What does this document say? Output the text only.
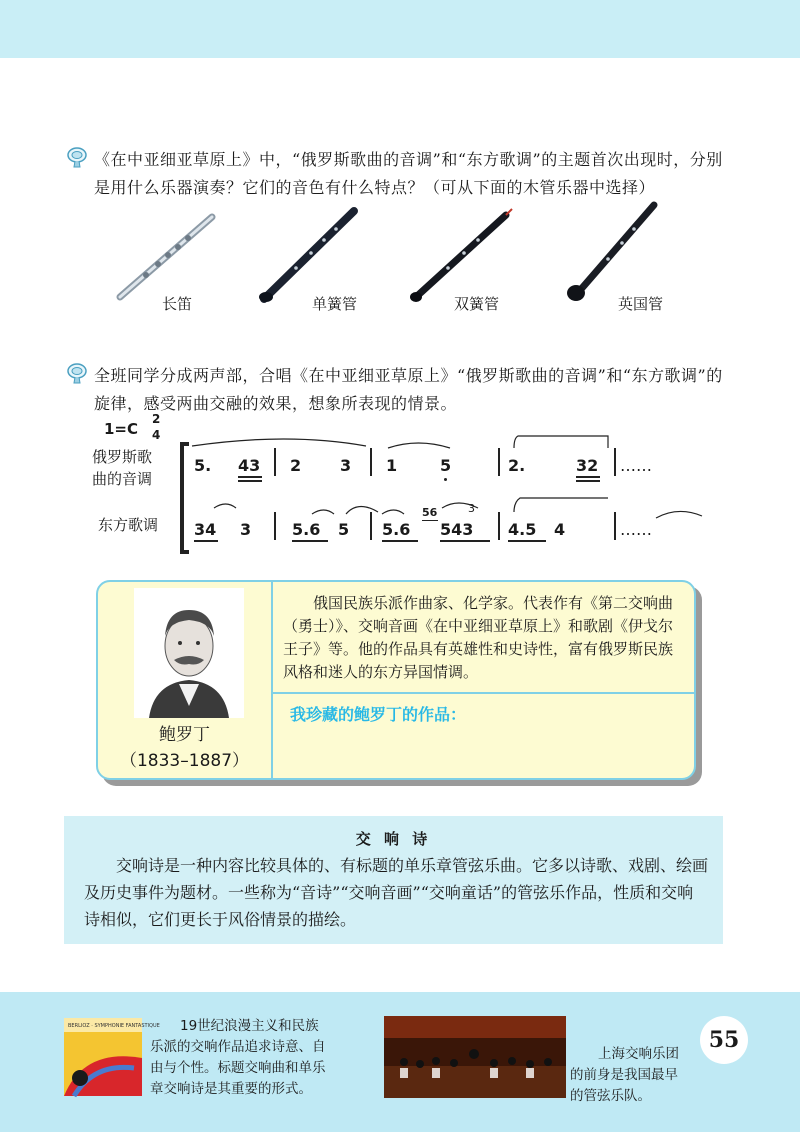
《在中亚细亚草原上》中，“俄罗斯歌曲的音调”和“东方歌调”的主题首次出现时，分别是用什么乐器演奏？它们的音色有什么特点？（可从下面的木管乐器中选择）
长笛	单簧管	双簧管	英国管
全班同学分成两声部，合唱《在中亚细亚草原上》“俄罗斯歌曲的音调”和“东方歌调”的旋律，感受两曲交融的效果，想象所表现的情景。
1=C
2
4
俄罗斯歌
曲的音调
东方歌调
5. 43 2 3 1	5	2.	32 ……
34 3	5.6 5 5.6
56	3
543 4.5 4	……
鲍罗丁
（1833–1887）
俄国民族乐派作曲家、化学家。代表作有《第二交响曲（勇士）》、交响音画《在中亚细亚草原上》和歌剧《伊戈尔王子》等。他的作品具有英雄性和史诗性，富有俄罗斯民族风格和迷人的东方异国情调。
我珍藏的鲍罗丁的作品：
交 响 诗
交响诗是一种内容比较具体的、有标题的单乐章管弦乐曲。它多以诗歌、戏剧、绘画及历史事件为题材。一些称为“音诗”“交响音画”“交响童话”的管弦乐作品，性质和交响诗相似，它们更长于风俗情景的描绘。
BERLIOZ · SYMPHONIE FANTASTIQUE	19世纪浪漫主义和民族
乐派的交响作品追求诗意、自
由与个性。标题交响曲和单乐
章交响诗是其重要的形式。
上海交响乐团
的前身是我国最早
的管弦乐队。
55
